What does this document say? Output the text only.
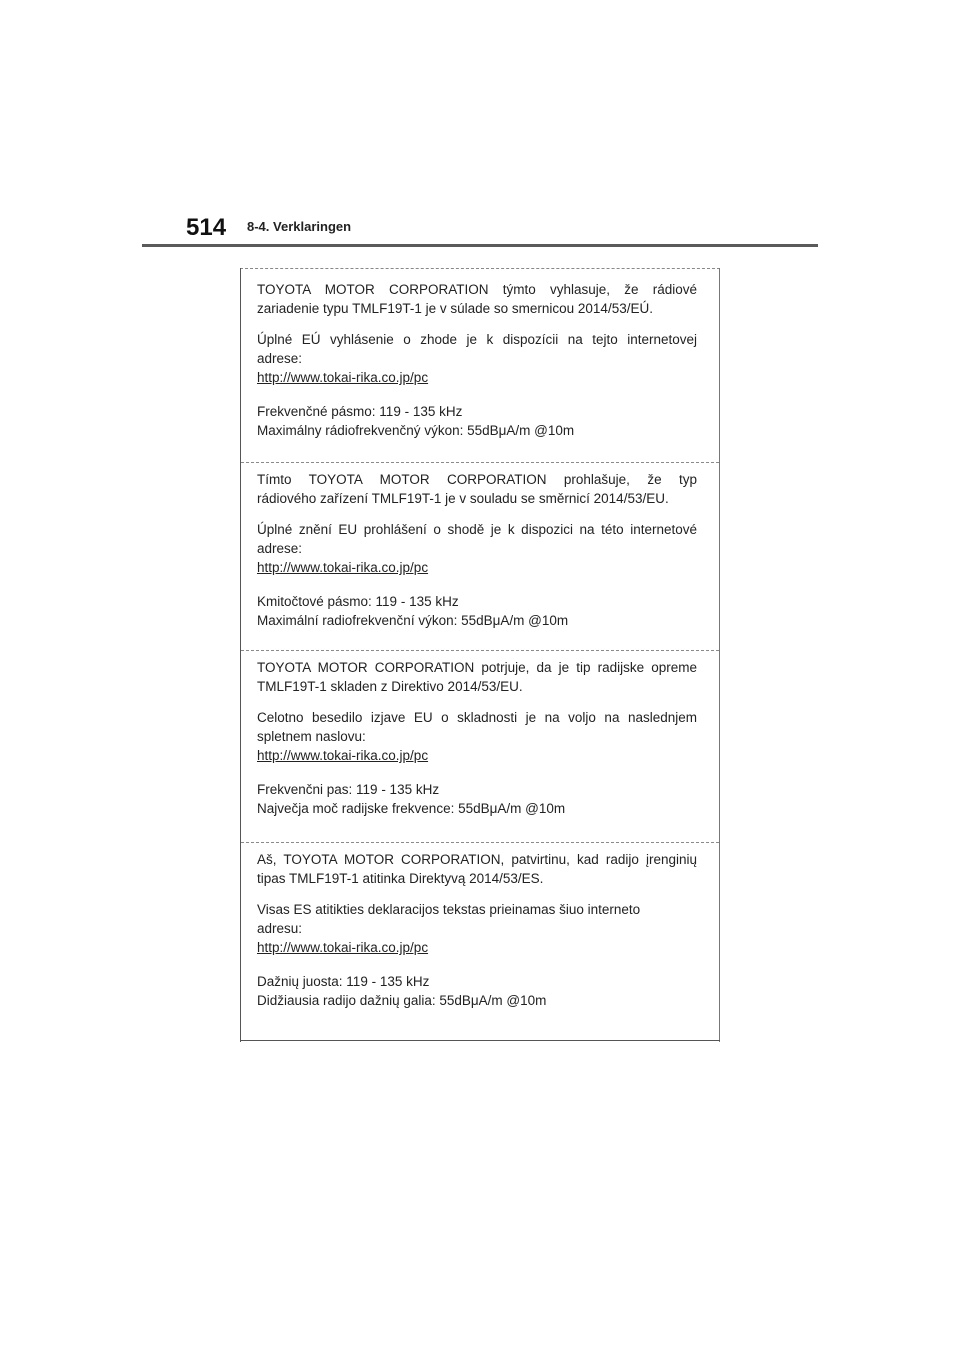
514 8-4. Verklaringen

TOYOTA MOTOR CORPORATION týmto vyhlasuje, že rádiové

zariadenie typu TMLF19T-1 je v súlade so smernicou 2014/53/EÚ.

Úplné EÚ vyhlásenie o zhode je k dispozícii na tejto internetovej

adrese:

http://www.tokai-rika.co.jp/pc

Frekvenčné pásmo: 119 - 135 kHz

Maximálny rádiofrekvenčný výkon: 55dBμA/m @10m

Tímto TOYOTA MOTOR CORPORATION prohlašuje, že typ

rádiového zařízení TMLF19T-1 je v souladu se směrnicí 2014/53/EU.

Úplné znění EU prohlášení o shodě je k dispozici na této internetové

adrese:

http://www.tokai-rika.co.jp/pc

Kmitočtové pásmo: 119 - 135 kHz

Maximální radiofrekvenční výkon: 55dBμA/m @10m

TOYOTA MOTOR CORPORATION potrjuje, da je tip radijske opreme

TMLF19T-1 skladen z Direktivo 2014/53/EU.

Celotno besedilo izjave EU o skladnosti je na voljo na naslednjem

spletnem naslovu:

http://www.tokai-rika.co.jp/pc

Frekvenčni pas: 119 - 135 kHz

Največja moč radijske frekvence: 55dBμA/m @10m

Aš, TOYOTA MOTOR CORPORATION, patvirtinu, kad radijo įrenginių

tipas TMLF19T-1 atitinka Direktyvą 2014/53/ES.

Visas ES atitikties deklaracijos tekstas prieinamas šiuo interneto

adresu:

http://www.tokai-rika.co.jp/pc

Dažnių juosta: 119 - 135 kHz

Didžiausia radijo dažnių galia: 55dBμA/m @10m
